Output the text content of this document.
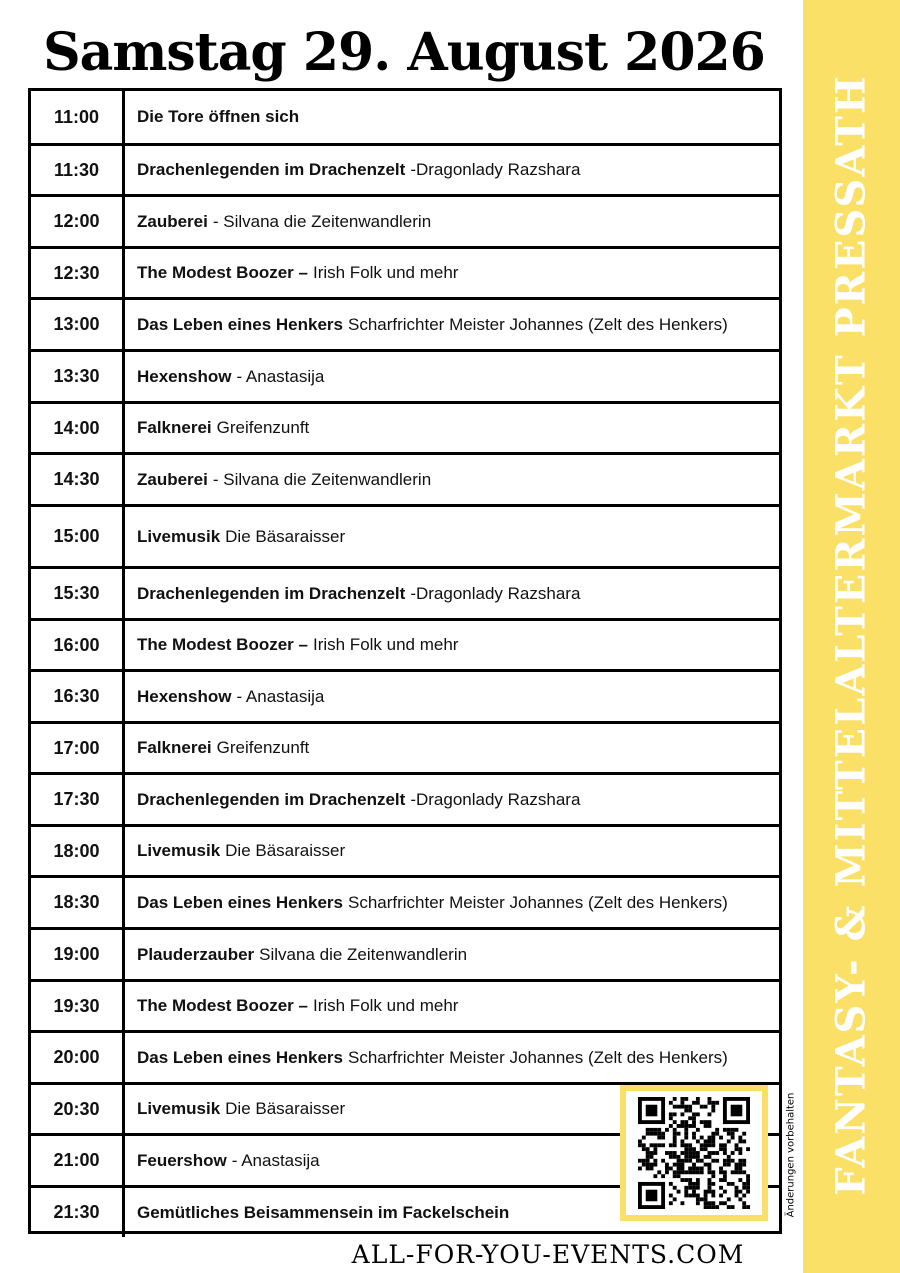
FANTASY- & MITTELALTERMARKT PRESSATH
Samstag 29. August 2026
11:00	Die Tore öffnen sich
11:30	Drachenlegenden im Drachenzelt -Dragonlady Razshara
12:00	Zauberei - Silvana die Zeitenwandlerin
12:30	The Modest Boozer – Irish Folk und mehr
13:00	Das Leben eines Henkers Scharfrichter Meister Johannes (Zelt des Henkers)
13:30	Hexenshow - Anastasija
14:00	Falknerei Greifenzunft
14:30	Zauberei - Silvana die Zeitenwandlerin
15:00	Livemusik Die Bäsaraisser
15:30	Drachenlegenden im Drachenzelt -Dragonlady Razshara
16:00	The Modest Boozer – Irish Folk und mehr
16:30	Hexenshow - Anastasija
17:00	Falknerei Greifenzunft
17:30	Drachenlegenden im Drachenzelt -Dragonlady Razshara
18:00	Livemusik Die Bäsaraisser
18:30	Das Leben eines Henkers Scharfrichter Meister Johannes (Zelt des Henkers)
19:00	Plauderzauber Silvana die Zeitenwandlerin
19:30	The Modest Boozer – Irish Folk und mehr
20:00	Das Leben eines Henkers Scharfrichter Meister Johannes (Zelt des Henkers)
20:30	Livemusik Die Bäsaraisser
21:00	Feuershow - Anastasija
21:30	Gemütliches Beisammensein im Fackelschein	Änderungen vorbehalten
ALL-FOR-YOU-EVENTS.COM
